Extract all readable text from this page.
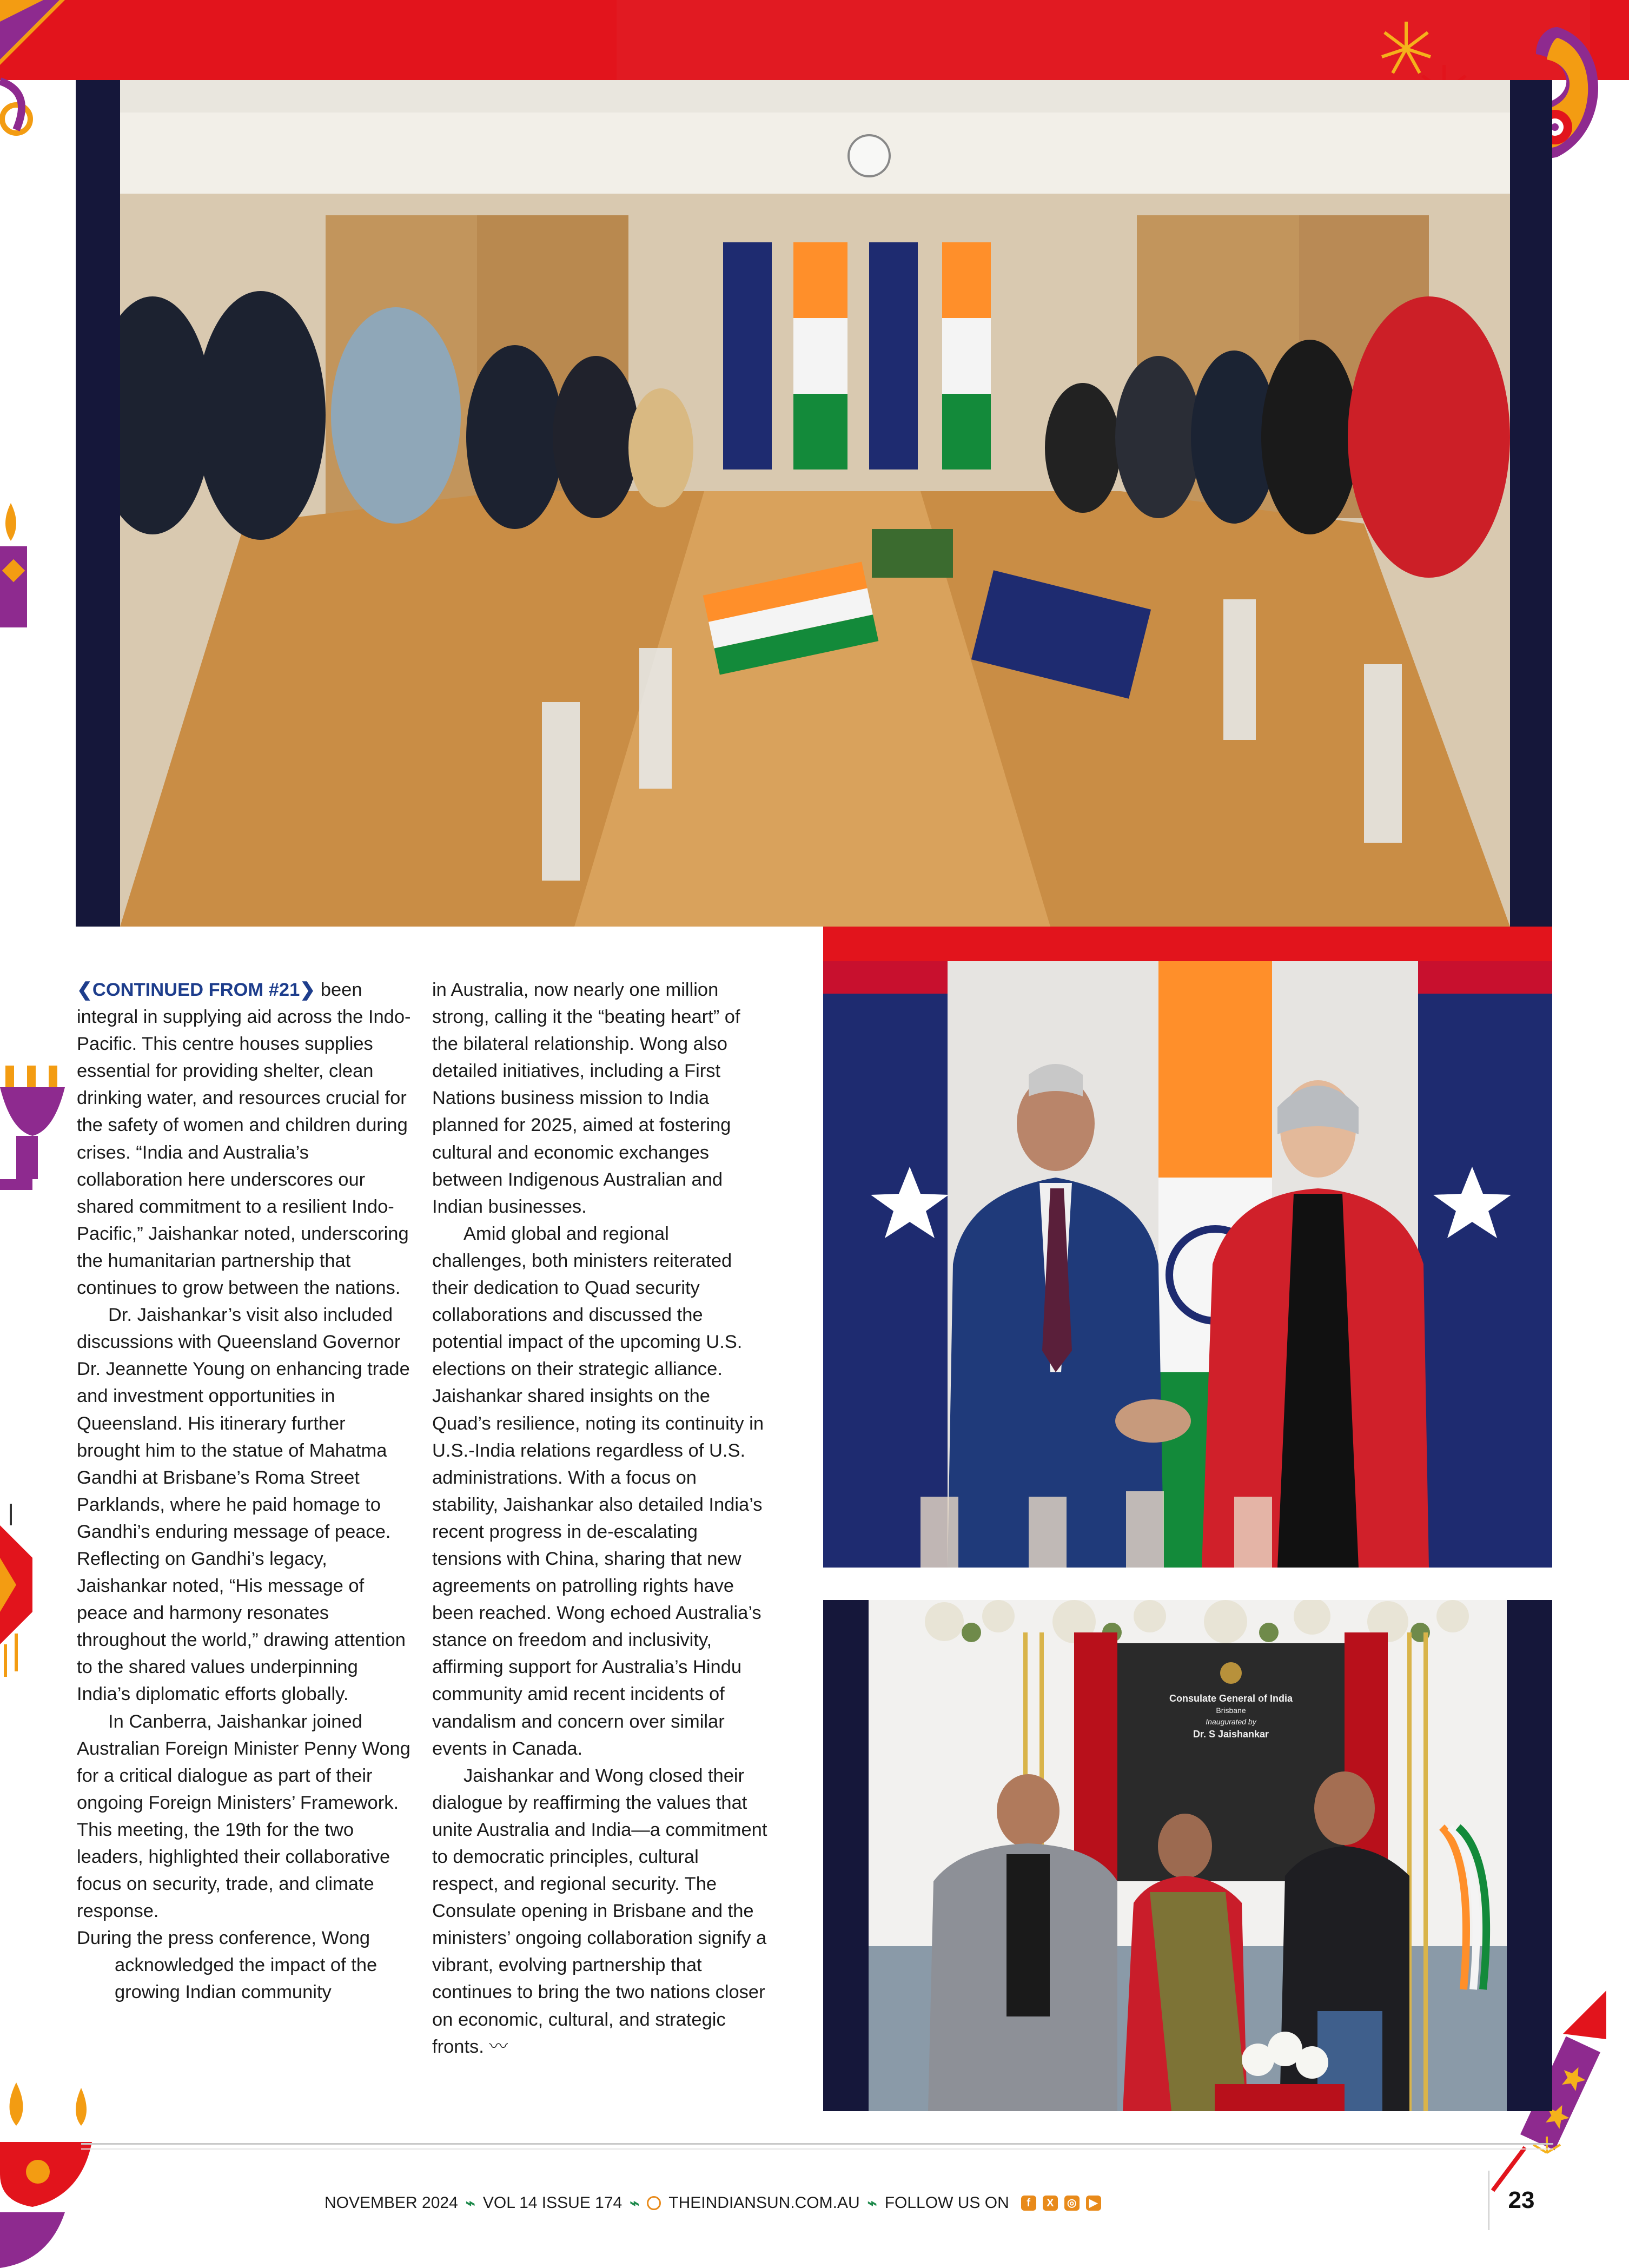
Consulate General of India
Brisbane
Inaugurated by
Dr. S Jaishankar

❮CONTINUED FROM #21❯ been integral in supplying aid across the Indo-Pacific. This centre houses supplies essential for providing shelter, clean drinking water, and resources crucial for the safety of women and children during crises. “India and Australia’s collaboration here underscores our shared commitment to a resilient Indo-Pacific,” Jaishankar noted, underscoring the humanitarian partnership that continues to grow between the nations.

Dr. Jaishankar’s visit also included discussions with Queensland Governor Dr. Jeannette Young on enhancing trade and investment opportunities in Queensland. His itinerary further brought him to the statue of Mahatma Gandhi at Brisbane’s Roma Street Parklands, where he paid homage to Gandhi’s enduring message of peace. Reflecting on Gandhi’s legacy, Jaishankar noted, “His message of peace and harmony resonates throughout the world,” drawing attention to the shared values underpinning India’s diplomatic efforts globally.

In Canberra, Jaishankar joined Australian Foreign Minister Penny Wong for a critical dialogue as part of their ongoing Foreign Ministers’ Framework. This meeting, the 19th for the two leaders, highlighted their collaborative focus on security, trade, and climate response.

During the press conference, Wong acknowledged the impact of the growing Indian community

in Australia, now nearly one million strong, calling it the “beating heart” of the bilateral relationship. Wong also detailed initiatives, including a First Nations business mission to India planned for 2025, aimed at fostering cultural and economic exchanges between Indigenous Australian and Indian businesses.

Amid global and regional challenges, both ministers reiterated their dedication to Quad security collaborations and discussed the potential impact of the upcoming U.S. elections on their strategic alliance. Jaishankar shared insights on the Quad’s resilience, noting its continuity in U.S.-India relations regardless of U.S. administrations. With a focus on stability, Jaishankar also detailed India’s recent progress in de-escalating tensions with China, sharing that new agreements on patrolling rights have been reached. Wong echoed Australia’s stance on freedom and inclusivity, affirming support for Australia’s Hindu community amid recent incidents of vandalism and concern over similar events in Canada.

Jaishankar and Wong closed their dialogue by reaffirming the values that unite Australia and India—a commitment to democratic principles, cultural respect, and regional security. The Consulate opening in Brisbane and the ministers’ ongoing collaboration signify a vibrant, evolving partnership that continues to bring the two nations closer on economic, cultural, and strategic fronts. 〰

NOVEMBER 2024 ⌁ VOL 14 ISSUE 174 ⌁ THEINDIANSUN.COM.AU ⌁ FOLLOW US ON	f	X	◎	▶	23
